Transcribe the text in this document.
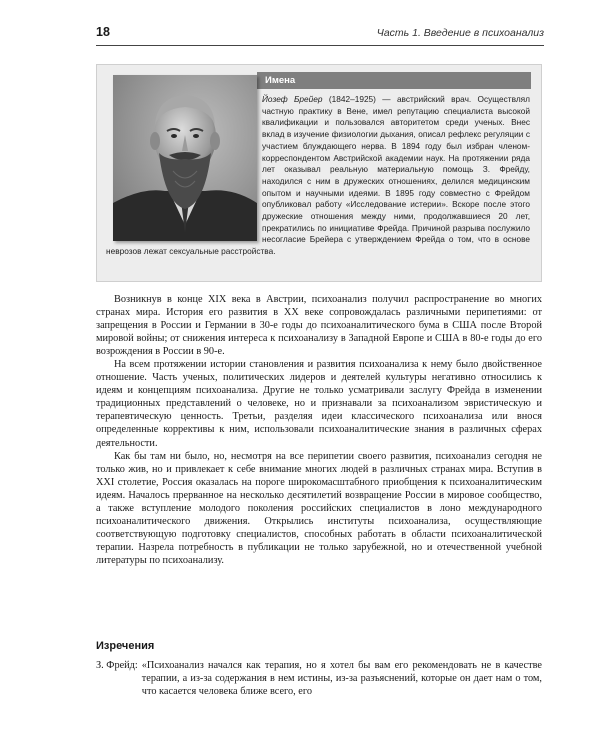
18	Часть 1. Введение в психоанализ

Йозеф Брейер (1842–1925) — австрийский врач. Осуществлял частную практику в Вене, имел репутацию специалиста высокой квалификации и пользовался авторитетом среди ученых. Внес вклад в изучение физиологии дыхания, описал рефлекс регуляции с участием блуждающего нерва. В 1894 году был избран членом-корреспондентом Австрийской академии наук. На протяжении ряда лет оказывал реальную материальную помощь З. Фрейду, находился с ним в дружеских отношениях, делился медицинским опытом и научными идеями. В 1895 году совместно с Фрейдом опубликовал работу «Исследование истерии». Вскоре после этого дружеские отношения между ними, продолжавшиеся 20 лет, прекратились по инициативе Фрейда. Причиной разрыва послужило несогласие Брейера с утверждением Фрейда о том, что в основе неврозов лежат сексуальные расстройства.

Имена

Возникнув в конце XIX века в Австрии, психоанализ получил распространение во многих странах мира. История его развития в XX веке сопровождалась различными перипетиями: от запрещения в России и Германии в 30-е годы до психоаналитического бума в США после Второй мировой войны; от снижения интереса к психоанализу в Западной Европе и США в 80-е годы до его возрождения в России в 90-е.

На всем протяжении истории становления и развития психоанализа к нему было двойственное отношение. Часть ученых, политических лидеров и деятелей культуры негативно относились к идеям и концепциям психоанализа. Другие не только усматривали заслугу Фрейда в изменении традиционных представлений о человеке, но и признавали за психоанализом эвристическую и терапевтическую ценность. Третьи, разделяя идеи классического психоанализа или внося определенные коррективы к ним, использовали психоаналитические знания в различных сферах деятельности.

Как бы там ни было, но, несмотря на все перипетии своего развития, психоанализ сегодня не только жив, но и привлекает к себе внимание многих людей в различных странах мира. Вступив в XXI столетие, Россия оказалась на пороге широкомасштабного приобщения к психоаналитическим идеям. Началось прерванное на несколько десятилетий возвращение России в мировое сообщество, а также вступление молодого поколения российских специалистов в лоно международного психоаналитического движения. Открылись институты психоанализа, осуществляющие соответствующую подготовку специалистов, способных работать в области психоаналитической терапии. Назрела потребность в публикации не только зарубежной, но и отечественной учебной литературы по психоанализу.

Изречения
З. Фрейд: «Психоанализ начался как терапия, но я хотел бы вам его рекомендовать не в качестве терапии, а из-за содержания в нем истины, из-за разъяснений, которые он дает нам о том, что касается человека ближе всего, его
